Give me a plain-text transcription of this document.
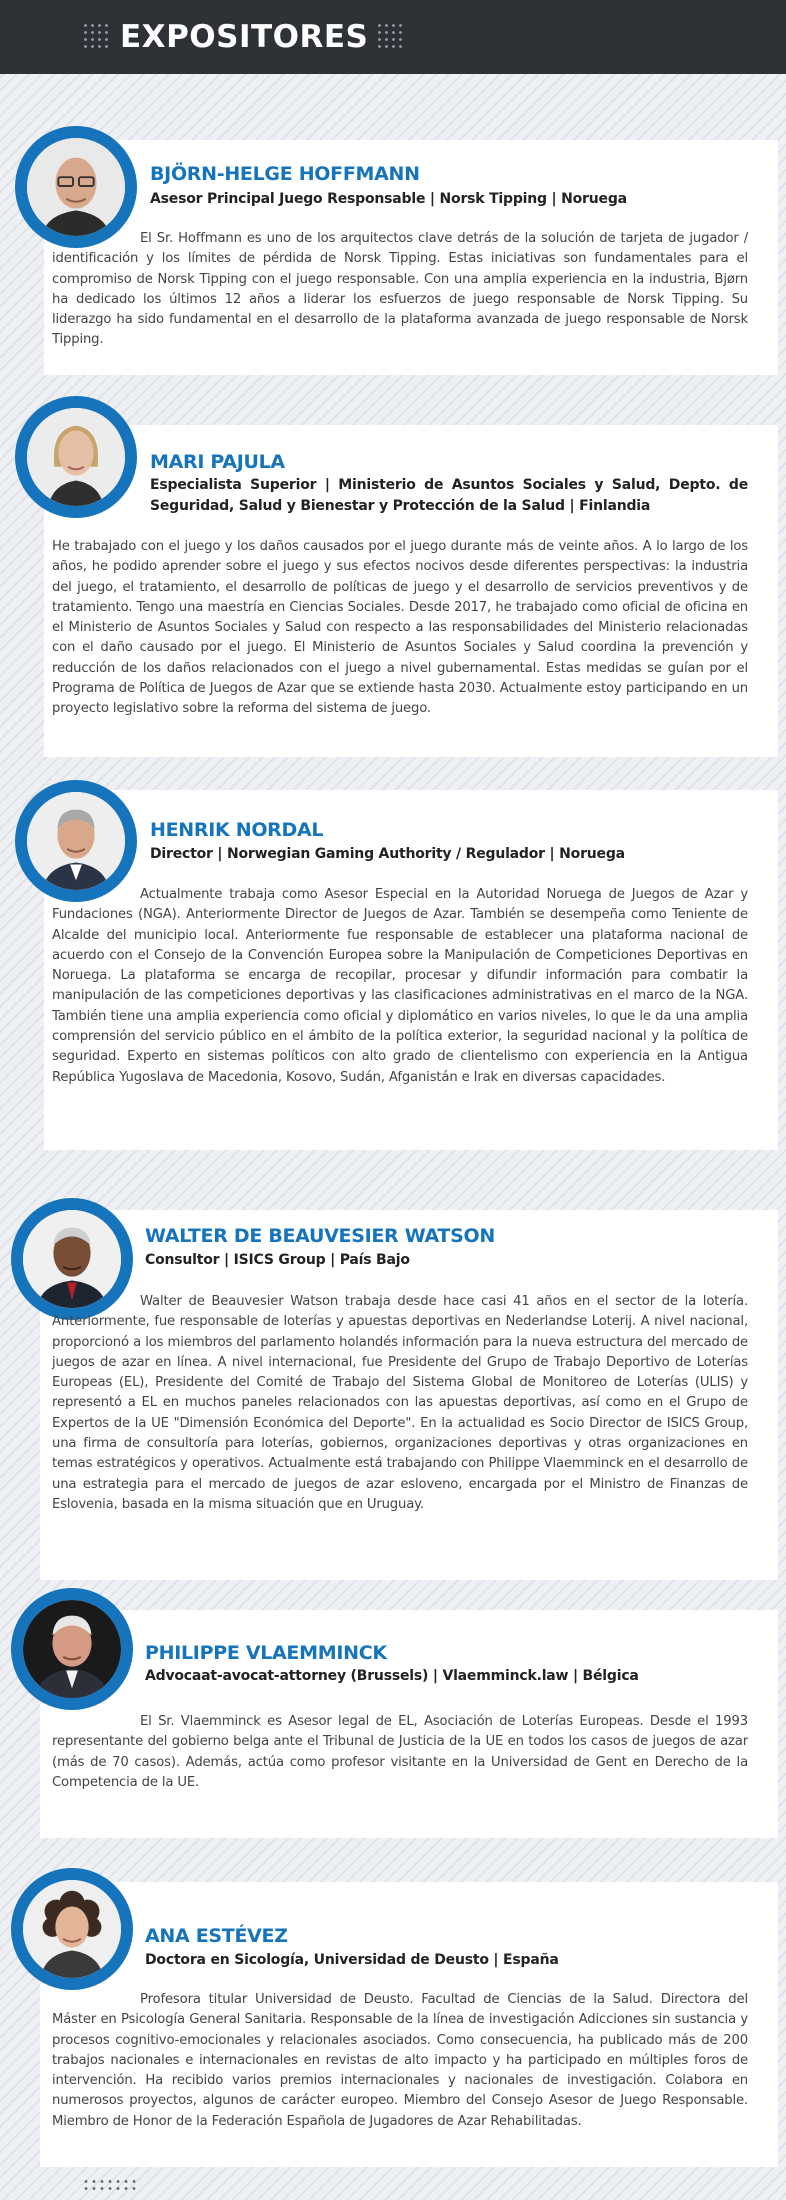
EXPOSITORES
BJÖRN-HELGE HOFFMANN
Asesor Principal Juego Responsable | Norsk Tipping | Noruega
El Sr. Hoffmann es uno de los arquitectos clave detrás de la solución de tarjeta de jugador / identificación y los límites de pérdida de Norsk Tipping. Estas iniciativas son fundamentales para el compromiso de Norsk Tipping con el juego responsable. Con una amplia experiencia en la industria, Bjørn ha dedicado los últimos 12 años a liderar los esfuerzos de juego responsable de Norsk Tipping. Su liderazgo ha sido fundamental en el desarrollo de la plataforma avanzada de juego responsable de Norsk Tipping.
MARI PAJULA
Especialista Superior | Ministerio de Asuntos Sociales y Salud, Depto. de Seguridad, Salud y Bienestar y Protección de la Salud | Finlandia
He trabajado con el juego y los daños causados por el juego durante más de veinte años. A lo largo de los años, he podido aprender sobre el juego y sus efectos nocivos desde diferentes perspectivas: la industria del juego, el tratamiento, el desarrollo de políticas de juego y el desarrollo de servicios preventivos y de tratamiento. Tengo una maestría en Ciencias Sociales. Desde 2017, he trabajado como oficial de oficina en el Ministerio de Asuntos Sociales y Salud con respecto a las responsabilidades del Ministerio relacionadas con el daño causado por el juego. El Ministerio de Asuntos Sociales y Salud coordina la prevención y reducción de los daños relacionados con el juego a nivel gubernamental. Estas medidas se guían por el Programa de Política de Juegos de Azar que se extiende hasta 2030. Actualmente estoy participando en un proyecto legislativo sobre la reforma del sistema de juego.
HENRIK NORDAL
Director | Norwegian Gaming Authority / Regulador | Noruega
Actualmente trabaja como Asesor Especial en la Autoridad Noruega de Juegos de Azar y Fundaciones (NGA). Anteriormente Director de Juegos de Azar. También se desempeña como Teniente de Alcalde del municipio local. Anteriormente fue responsable de establecer una plataforma nacional de acuerdo con el Consejo de la Convención Europea sobre la Manipulación de Competiciones Deportivas en Noruega. La plataforma se encarga de recopilar, procesar y difundir información para combatir la manipulación de las competiciones deportivas y las clasificaciones administrativas en el marco de la NGA. También tiene una amplia experiencia como oficial y diplomático en varios niveles, lo que le da una amplia comprensión del servicio público en el ámbito de la política exterior, la seguridad nacional y la política de seguridad. Experto en sistemas políticos con alto grado de clientelismo con experiencia en la Antigua República Yugoslava de Macedonia, Kosovo, Sudán, Afganistán e Irak en diversas capacidades.
WALTER DE BEAUVESIER WATSON
Consultor | ISICS Group | País Bajo
Walter de Beauvesier Watson trabaja desde hace casi 41 años en el sector de la lotería. Anteriormente, fue responsable de loterías y apuestas deportivas en Nederlandse Loterij. A nivel nacional, proporcionó a los miembros del parlamento holandés información para la nueva estructura del mercado de juegos de azar en línea. A nivel internacional, fue Presidente del Grupo de Trabajo Deportivo de Loterías Europeas (EL), Presidente del Comité de Trabajo del Sistema Global de Monitoreo de Loterías (ULIS) y representó a EL en muchos paneles relacionados con las apuestas deportivas, así como en el Grupo de Expertos de la UE "Dimensión Económica del Deporte". En la actualidad es Socio Director de ISICS Group, una firma de consultoría para loterías, gobiernos, organizaciones deportivas y otras organizaciones en temas estratégicos y operativos. Actualmente está trabajando con Philippe Vlaemminck en el desarrollo de una estrategia para el mercado de juegos de azar esloveno, encargada por el Ministro de Finanzas de Eslovenia, basada en la misma situación que en Uruguay.
PHILIPPE VLAEMMINCK
Advocaat-avocat-attorney (Brussels) | Vlaemminck.law | Bélgica
El Sr. Vlaemminck es Asesor legal de EL, Asociación de Loterías Europeas. Desde el 1993 representante del gobierno belga ante el Tribunal de Justicia de la UE en todos los casos de juegos de azar (más de 70 casos). Además, actúa como profesor visitante en la Universidad de Gent en Derecho de la Competencia de la UE.
ANA ESTÉVEZ
Doctora en Sicología, Universidad de Deusto | España
Profesora titular Universidad de Deusto. Facultad de Ciencias de la Salud. Directora del Máster en Psicología General Sanitaria. Responsable de la línea de investigación Adicciones sin sustancia y procesos cognitivo-emocionales y relacionales asociados. Como consecuencia, ha publicado más de 200 trabajos nacionales e internacionales en revistas de alto impacto y ha participado en múltiples foros de intervención. Ha recibido varios premios internacionales y nacionales de investigación. Colabora en numerosos proyectos, algunos de carácter europeo. Miembro del Consejo Asesor de Juego Responsable. Miembro de Honor de la Federación Española de Jugadores de Azar Rehabilitadas.
